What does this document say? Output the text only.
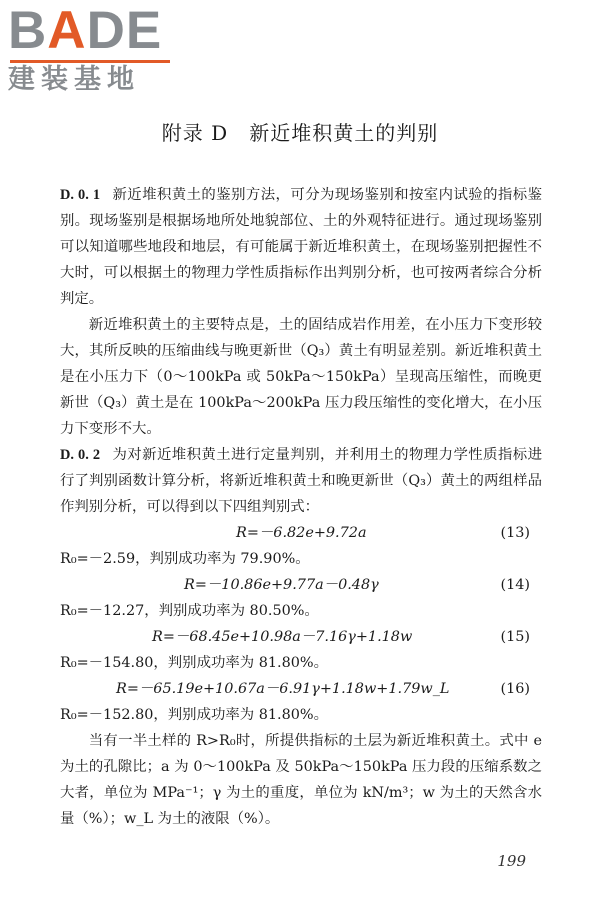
BADE
建装基地
附录 D　新近堆积黄土的判别

D. 0. 1 新近堆积黄土的鉴别方法，可分为现场鉴别和按室内试验的指标鉴别。现场鉴别是根据场地所处地貌部位、土的外观特征进行。通过现场鉴别可以知道哪些地段和地层，有可能属于新近堆积黄土，在现场鉴别把握性不大时，可以根据土的物理力学性质指标作出判别分析，也可按两者综合分析判定。

新近堆积黄土的主要特点是，土的固结成岩作用差，在小压力下变形较大，其所反映的压缩曲线与晚更新世（Q₃）黄土有明显差别。新近堆积黄土是在小压力下（0～100kPa 或 50kPa～150kPa）呈现高压缩性，而晚更新世（Q₃）黄土是在 100kPa～200kPa 压力段压缩性的变化增大，在小压力下变形不大。

D. 0. 2 为对新近堆积黄土进行定量判别，并利用土的物理力学性质指标进行了判别函数计算分析，将新近堆积黄土和晚更新世（Q₃）黄土的两组样品作判别分析，可以得到以下四组判别式：

R=－6.82e+9.72a	(13)
R₀=－2.59，判别成功率为 79.90%。
R=－10.86e+9.77a－0.48γ	(14)
R₀=－12.27，判别成功率为 80.50%。
R=－68.45e+10.98a－7.16γ+1.18w	(15)
R₀=－154.80，判别成功率为 81.80%。
R=－65.19e+10.67a－6.91γ+1.18w+1.79w_L	(16)
R₀=－152.80，判别成功率为 81.80%。

当有一半土样的 R>R₀时，所提供指标的土层为新近堆积黄土。式中 e 为土的孔隙比；a 为 0～100kPa 及 50kPa～150kPa 压力段的压缩系数之大者，单位为 MPa⁻¹；γ 为土的重度，单位为 kN/m³；w 为土的天然含水量（%）；w_L 为土的液限（%）。

199
